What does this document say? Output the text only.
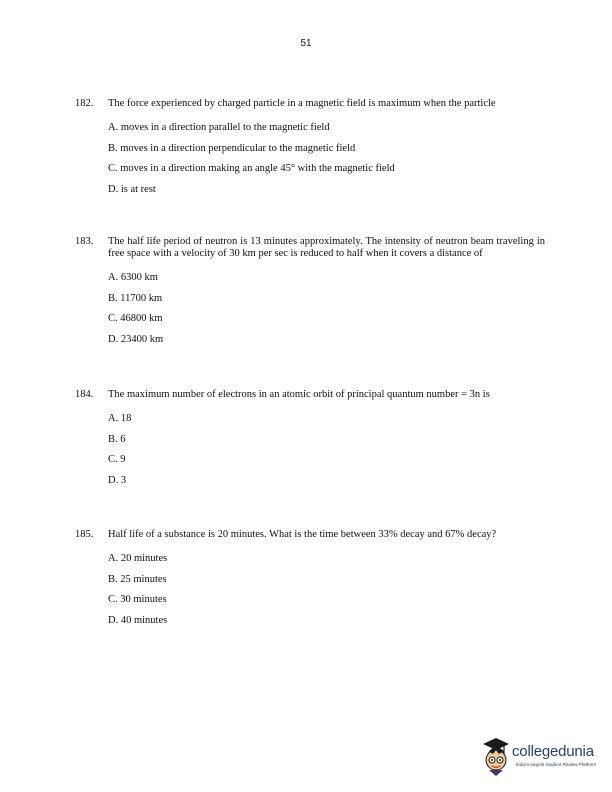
51
182. The force experienced by charged particle in a magnetic field is maximum when the particle
A. moves in a direction parallel to the magnetic field
B. moves in a direction perpendicular to the magnetic field
C. moves in a direction making an angle 45° with the magnetic field
D. is at rest
183. The half life period of neutron is 13 minutes approximately. The intensity of neutron beam traveling in free space with a velocity of 30 km per sec is reduced to half when it covers a distance of
A. 6300 km
B. 11700 km
C. 46800 km
D. 23400 km
184. The maximum number of electrons in an atomic orbit of principal quantum number = 3n is
A. 18
B. 6
C. 9
D. 3
185. Half life of a substance is 20 minutes. What is the time between 33% decay and 67% decay?
A. 20 minutes
B. 25 minutes
C. 30 minutes
D. 40 minutes
collegedunia
India's largest Student Review Platform
